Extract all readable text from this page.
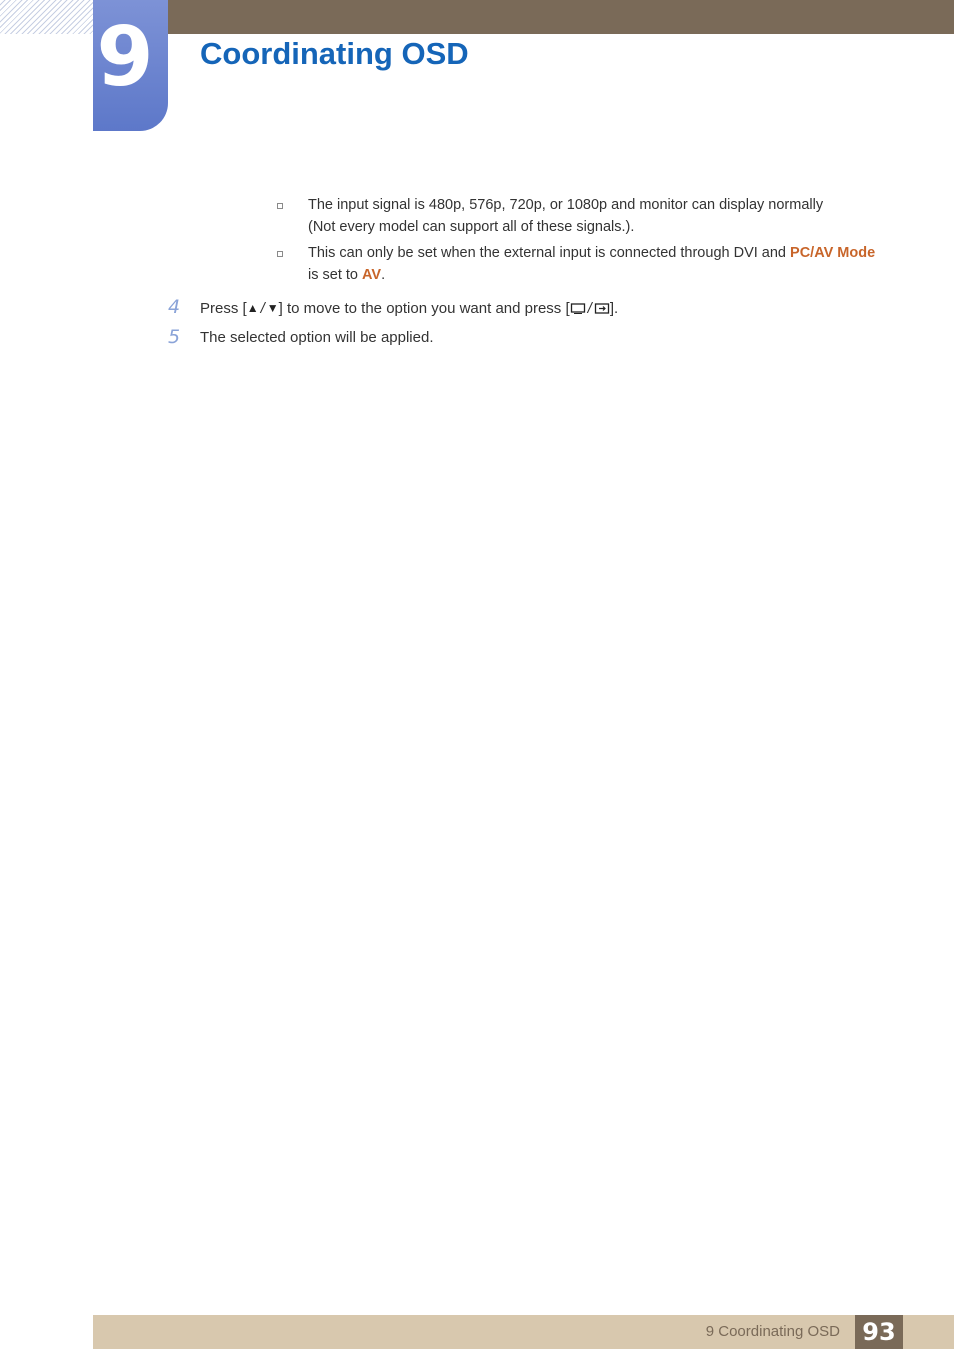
9 Coordinating OSD
The input signal is 480p, 576p, 720p, or 1080p and monitor can display normally
(Not every model can support all of these signals.).
This can only be set when the external input is connected through DVI and PC/AV Mode
is set to AV.
4	Press [▲ / ▼] to move to the option you want and press [ / ].
5	The selected option will be applied.
9 Coordinating OSD 93
